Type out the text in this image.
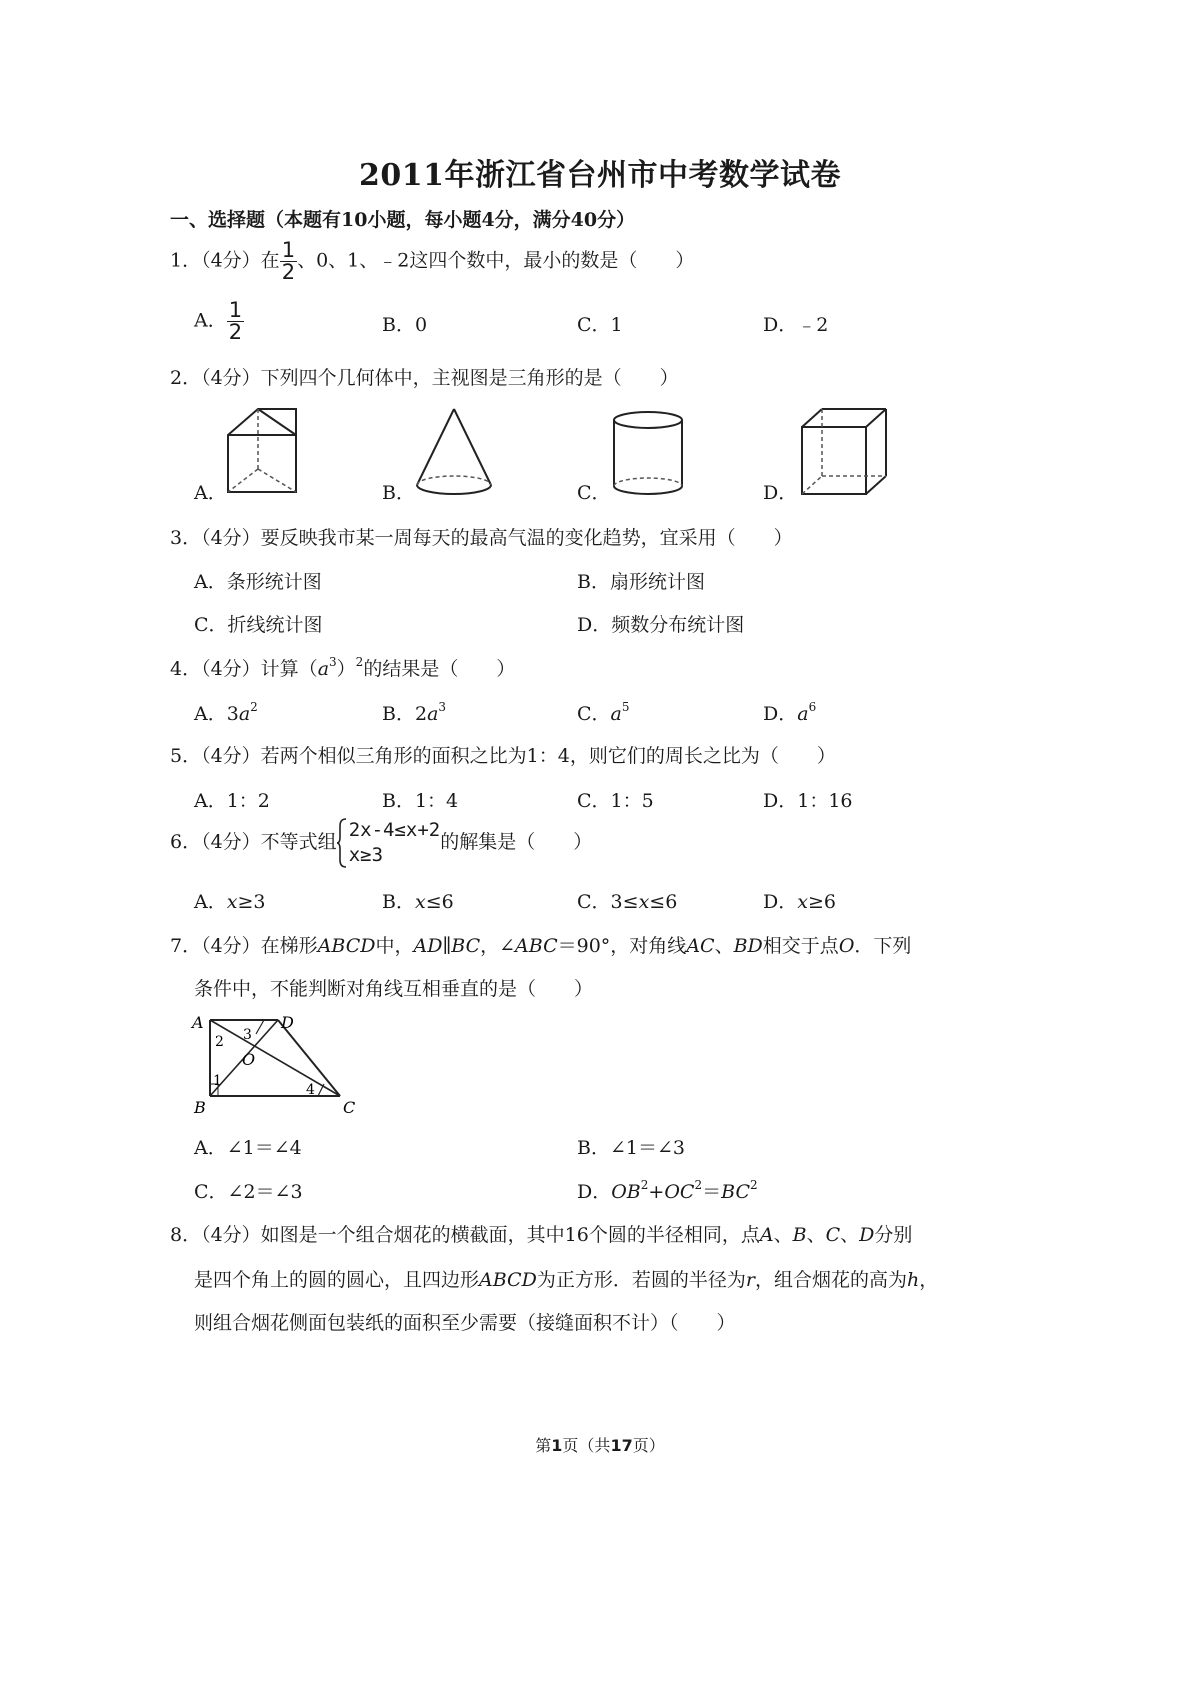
2011年浙江省台州市中考数学试卷
一、选择题（本题有10小题，每小题4分，满分40分）
1．（4分）在 $\frac{1}{2}$ 、0、1、﹣2这四个数中，最小的数是（　　）
A． $\frac{1}{2}$	B．0	C．1	D．﹣2
2．（4分）下列四个几何体中，主视图是三角形的是（　　）
A．	B．	C．	D．
3．（4分）要反映我市某一周每天的最高气温的变化趋势，宜采用（　　）
A．条形统计图	B．扇形统计图
C．折线统计图	D．频数分布统计图
4．（4分）计算$(a^3)^2$的结果是（　　）
A．$3a^2$	B．$2a^3$	C．$a^5$	D．$a^6$
5．（4分）若两个相似三角形的面积之比为1：4，则它们的周长之比为（　　）
A．1：2	B．1：4	C．1：5	D．1：16
6．（4分）不等式组
2x-4≤x+2
x≥3
的解集是（　　）
A．x≥3	B．x≤6	C．3≤x≤6	D．x≥6
7．（4分）在梯形ABCD中，AD∥BC，∠ABC＝90°，对角线AC、BD相交于点O．下列
条件中，不能判断对角线互相垂直的是（　　）
A	D
B	C
O
1
2 3
4
A．∠1＝∠4	B．∠1＝∠3
C．∠2＝∠3	D．$OB^2+OC^2=BC^2$
8．（4分）如图是一个组合烟花的横截面，其中16个圆的半径相同，点A、B、C、D分别
是四个角上的圆的圆心，且四边形ABCD为正方形．若圆的半径为r，组合烟花的高为h，
则组合烟花侧面包装纸的面积至少需要（接缝面积不计）（　　）
第1页（共17页）
